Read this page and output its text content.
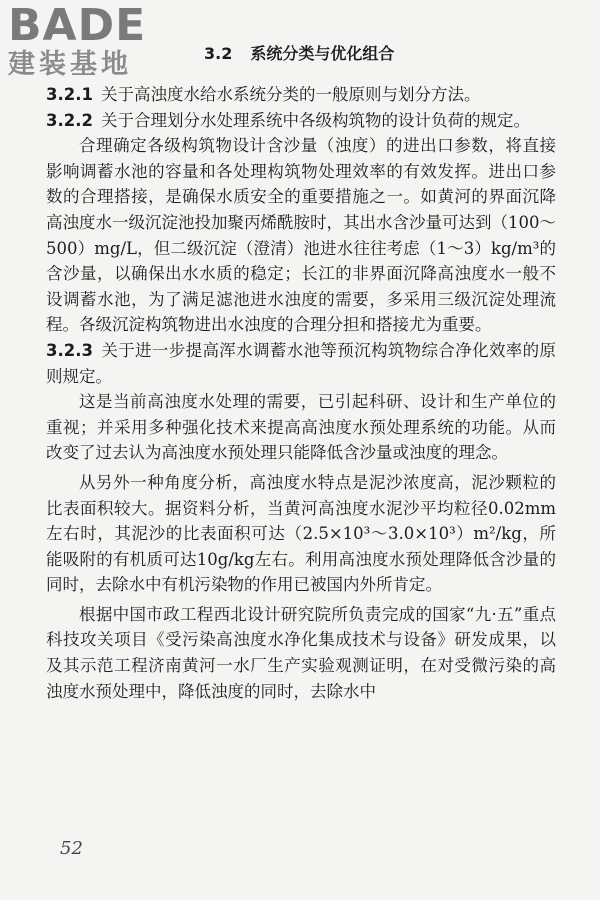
BADE
建装基地	3.2 系统分类与优化组合

3.2.1 关于高浊度水给水系统分类的一般原则与划分方法。

3.2.2 关于合理划分水处理系统中各级构筑物的设计负荷的规定。

合理确定各级构筑物设计含沙量（浊度）的进出口参数，将直接影响调蓄水池的容量和各处理构筑物处理效率的有效发挥。进出口参数的合理搭接，是确保水质安全的重要措施之一。如黄河的界面沉降高浊度水一级沉淀池投加聚丙烯酰胺时，其出水含沙量可达到（100～500）mg/L，但二级沉淀（澄清）池进水往往考虑（1～3）kg/m³的含沙量，以确保出水水质的稳定；长江的非界面沉降高浊度水一般不设调蓄水池，为了满足滤池进水浊度的需要，多采用三级沉淀处理流程。各级沉淀构筑物进出水浊度的合理分担和搭接尤为重要。

3.2.3 关于进一步提高浑水调蓄水池等预沉构筑物综合净化效率的原则规定。

这是当前高浊度水处理的需要，已引起科研、设计和生产单位的重视；并采用多种强化技术来提高高浊度水预处理系统的功能。从而改变了过去认为高浊度水预处理只能降低含沙量或浊度的理念。

从另外一种角度分析，高浊度水特点是泥沙浓度高，泥沙颗粒的比表面积较大。据资料分析，当黄河高浊度水泥沙平均粒径0.02mm左右时，其泥沙的比表面积可达（2.5×10³～3.0×10³）m²/kg，所能吸附的有机质可达10g/kg左右。利用高浊度水预处理降低含沙量的同时，去除水中有机污染物的作用已被国内外所肯定。

根据中国市政工程西北设计研究院所负责完成的国家“九·五”重点科技攻关项目《受污染高浊度水净化集成技术与设备》研发成果，以及其示范工程济南黄河一水厂生产实验观测证明，在对受微污染的高浊度水预处理中，降低浊度的同时，去除水中

52
